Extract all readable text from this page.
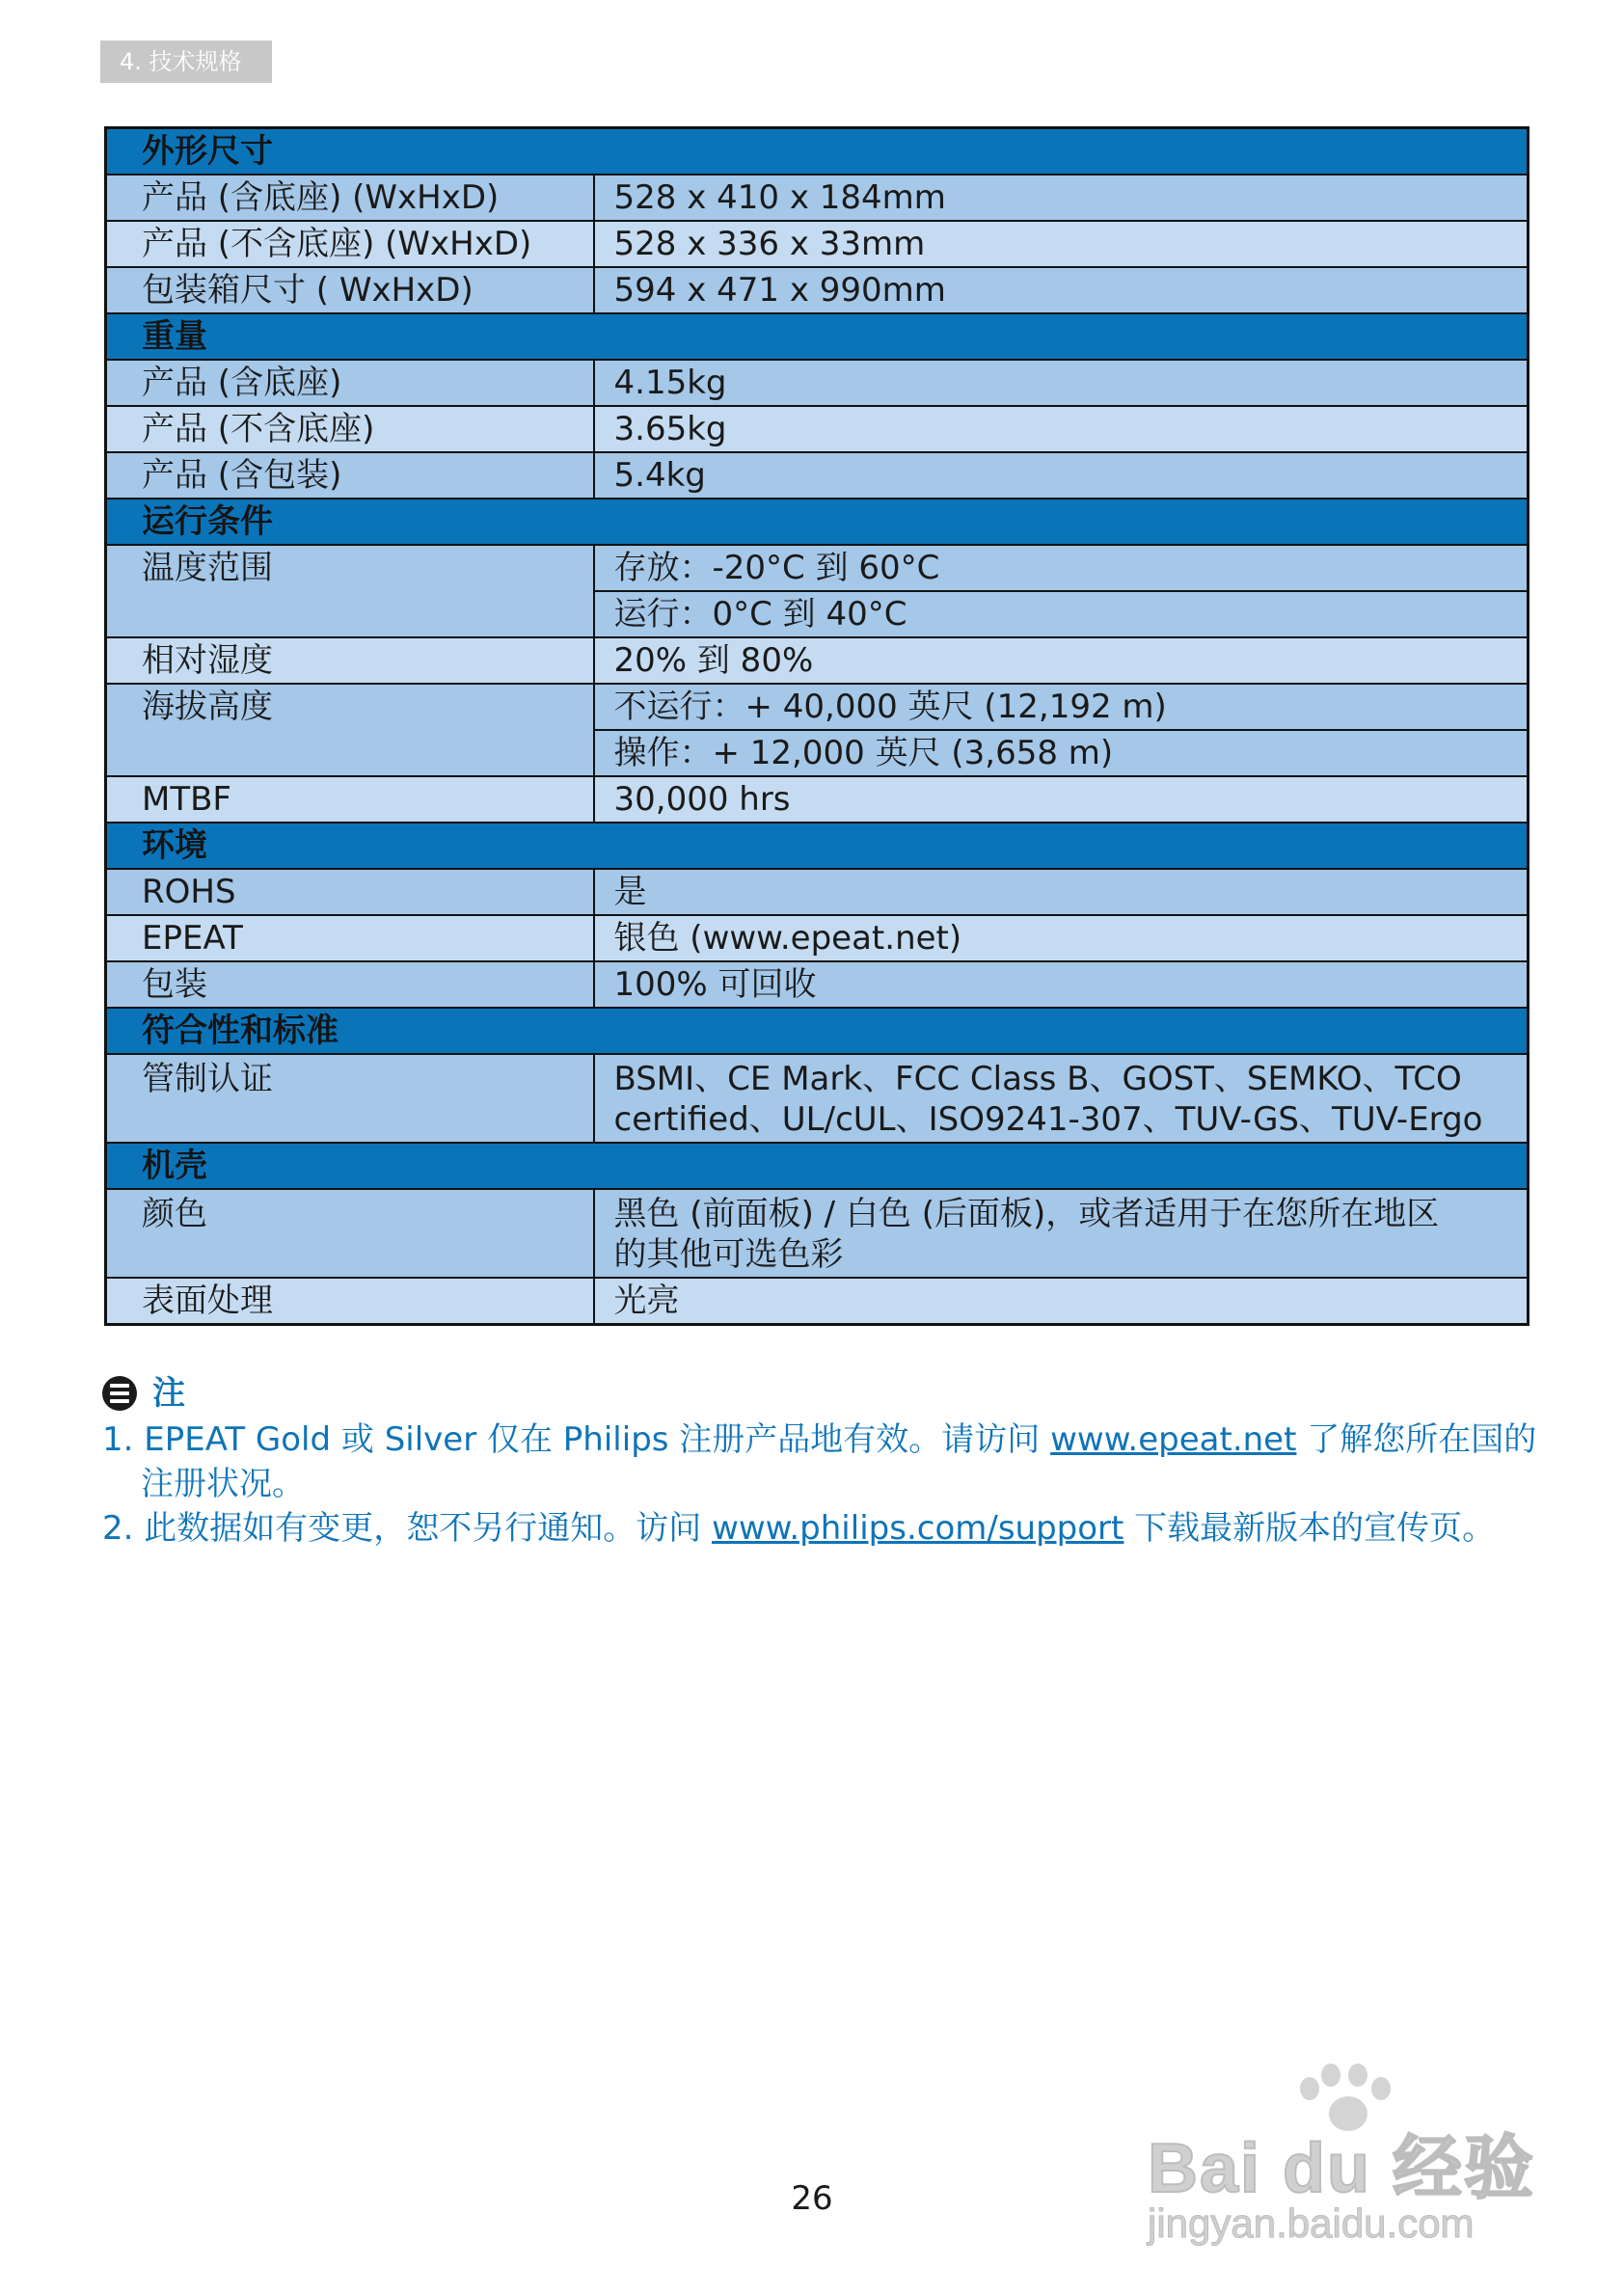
4. 技术规格
外形尺寸	
产品 (含底座) (WxHxD)	528 x 410 x 184mm
产品 (不含底座) (WxHxD)	528 x 336 x 33mm
包装箱尺寸 ( WxHxD)	594 x 471 x 990mm
重量	
产品 (含底座)	4.15kg
产品 (不含底座)	3.65kg
产品 (含包装)	5.4kg
运行条件	
温度范围	存放：-20°C 到 60°C
	运行：0°C 到 40°C
相对湿度	20% 到 80%
海拔高度	不运行：+ 40,000 英尺 (12,192 m)
	操作：+ 12,000 英尺 (3,658 m)
MTBF	30,000 hrs
环境	
ROHS	是
EPEAT	银色 (www.epeat.net)
包装	100% 可回收
符合性和标准	
管制认证	BSMI、CE Mark、FCC Class B、GOST、SEMKO、TCO
certified、UL/cUL、ISO9241-307、TUV-GS、TUV-Ergo

机壳	
颜色	黑色 (前面板) / 白色 (后面板)，或者适用于在您所在地区
的其他可选色彩

表面处理	光亮
注
1. EPEAT Gold 或 Silver 仅在 Philips 注册产品地有效。请访问 www.epeat.net 了解您所在国的注册状况。
2. 此数据如有变更，恕不另行通知。访问 www.philips.com/support 下载最新版本的宣传页。
26	Bai du 经验
jingyan.baidu.com
